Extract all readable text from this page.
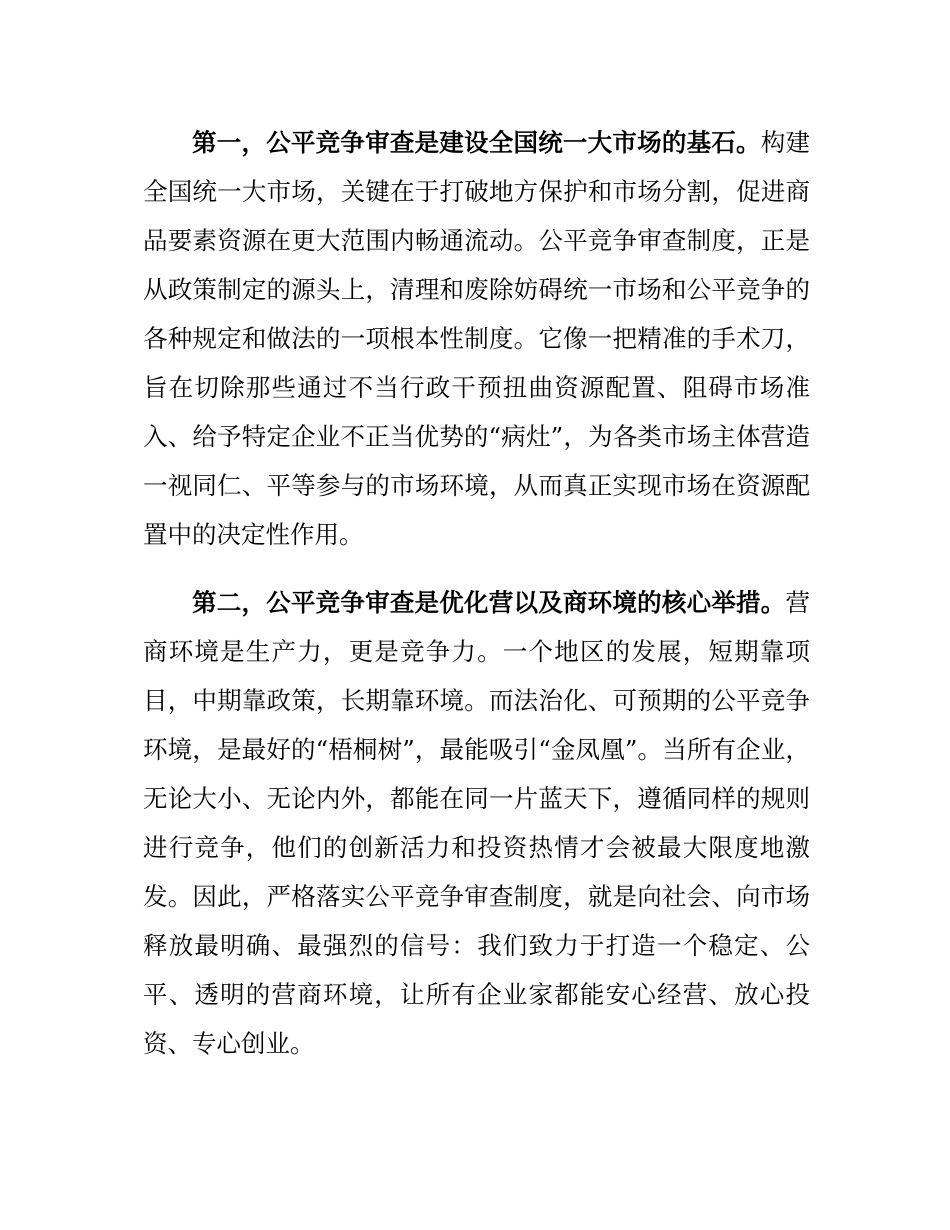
第一，公平竞争审查是建设全国统一大市场的基石。构建全国统一大市场，关键在于打破地方保护和市场分割，促进商品要素资源在更大范围内畅通流动。公平竞争审查制度，正是从政策制定的源头上，清理和废除妨碍统一市场和公平竞争的各种规定和做法的一项根本性制度。它像一把精准的手术刀，旨在切除那些通过不当行政干预扭曲资源配置、阻碍市场准入、给予特定企业不正当优势的“病灶”，为各类市场主体营造一视同仁、平等参与的市场环境，从而真正实现市场在资源配置中的决定性作用。

第二，公平竞争审查是优化营以及商环境的核心举措。营商环境是生产力，更是竞争力。一个地区的发展，短期靠项目，中期靠政策，长期靠环境。而法治化、可预期的公平竞争环境，是最好的“梧桐树”，最能吸引“金凤凰”。当所有企业，无论大小、无论内外，都能在同一片蓝天下，遵循同样的规则进行竞争，他们的创新活力和投资热情才会被最大限度地激发。因此，严格落实公平竞争审查制度，就是向社会、向市场释放最明确、最强烈的信号：我们致力于打造一个稳定、公平、透明的营商环境，让所有企业家都能安心经营、放心投资、专心创业。
